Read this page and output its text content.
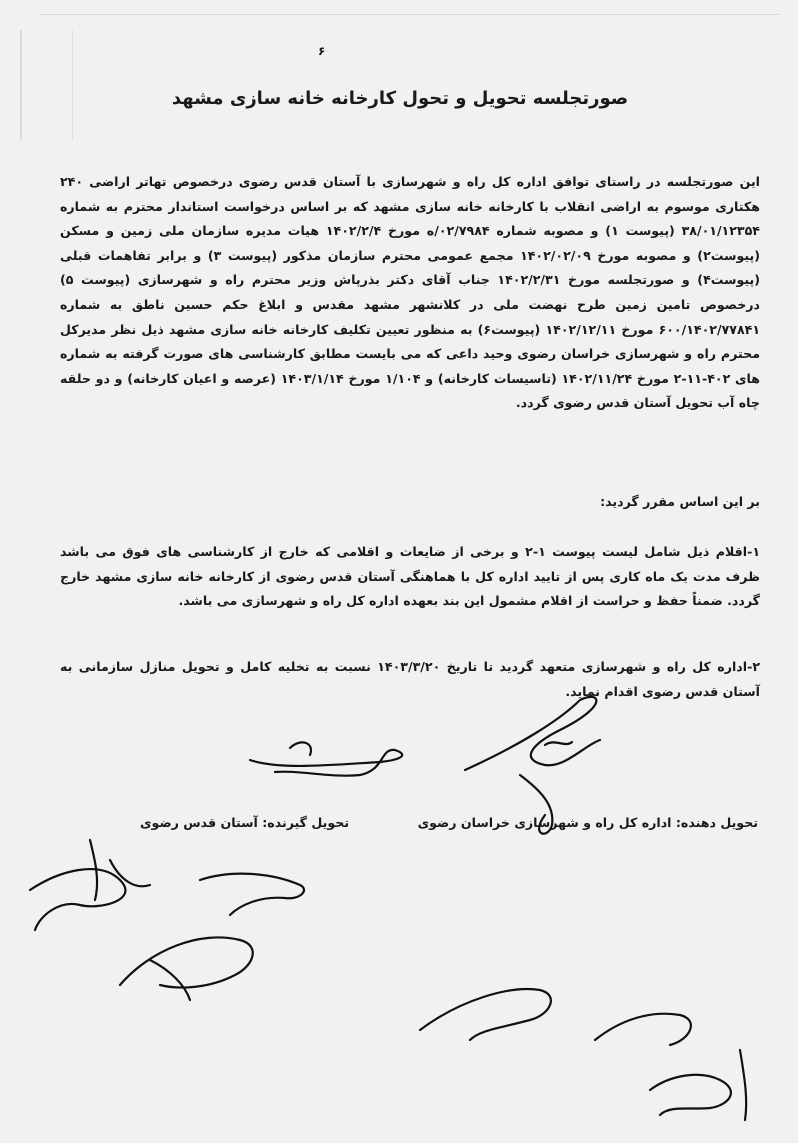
۶
صورتجلسه تحویل و تحول کارخانه خانه سازی مشهد
این صورتجلسه در راستای توافق اداره کل راه و شهرسازی با آستان قدس رضوی درخصوص تهاتر اراضی ۲۴۰ هکتاری موسوم به اراضی انقلاب با کارخانه خانه سازی مشهد که بر اساس درخواست استاندار محترم به شماره ۳۸/۰۱/۱۲۳۵۴ (پیوست ۱) و مصوبه شماره ۰۲/۷۹۸۴/ه مورخ ۱۴۰۲/۲/۴ هیات مدیره سازمان ملی زمین و مسکن (پیوست۲) و مصوبه مورخ ۱۴۰۲/۰۲/۰۹ مجمع عمومی محترم سازمان مذکور (پیوست ۳) و برابر تفاهمات قبلی (پیوست۴) و صورتجلسه مورخ ۱۴۰۲/۲/۳۱ جناب آقای دکتر بذرپاش وزیر محترم راه و شهرسازی (پیوست ۵) درخصوص تامین زمین طرح نهضت ملی در کلانشهر مشهد مقدس و ابلاغ حکم حسین ناطق به شماره ۶۰۰/۱۴۰۲/۷۷۸۴۱ مورخ ۱۴۰۲/۱۲/۱۱ (پیوست۶) به منظور تعیین تکلیف کارخانه خانه سازی مشهد ذیل نظر مدیرکل محترم راه و شهرسازی خراسان رضوی وحید داعی که می بایست مطابق کارشناسی های صورت گرفته به شماره های ۴۰۲-۱۱-۲ مورخ ۱۴۰۲/۱۱/۲۴ (تاسیسات کارخانه) و ۱/۱۰۴ مورخ ۱۴۰۳/۱/۱۴ (عرصه و اعیان کارخانه) و دو حلقه چاه آب تحویل آستان قدس رضوی گردد.
بر این اساس مقرر گردید:
۱-اقلام ذیل شامل لیست پیوست ۱-۲ و برخی از ضایعات و اقلامی که خارج از کارشناسی های فوق می باشد ظرف مدت یک ماه کاری پس از تایید اداره کل با هماهنگی آستان قدس رضوی از کارخانه خانه سازی مشهد خارج گردد. ضمناً حفظ و حراست از اقلام مشمول این بند بعهده اداره کل راه و شهرسازی می باشد.
۲-اداره کل راه و شهرسازی متعهد گردید تا تاریخ ۱۴۰۳/۳/۲۰ نسبت به تخلیه کامل و تحویل منازل سازمانی به آستان قدس رضوی اقدام نماید.
تحویل دهنده: اداره کل راه و شهرسازی خراسان رضوی
تحویل گیرنده: آستان قدس رضوی
